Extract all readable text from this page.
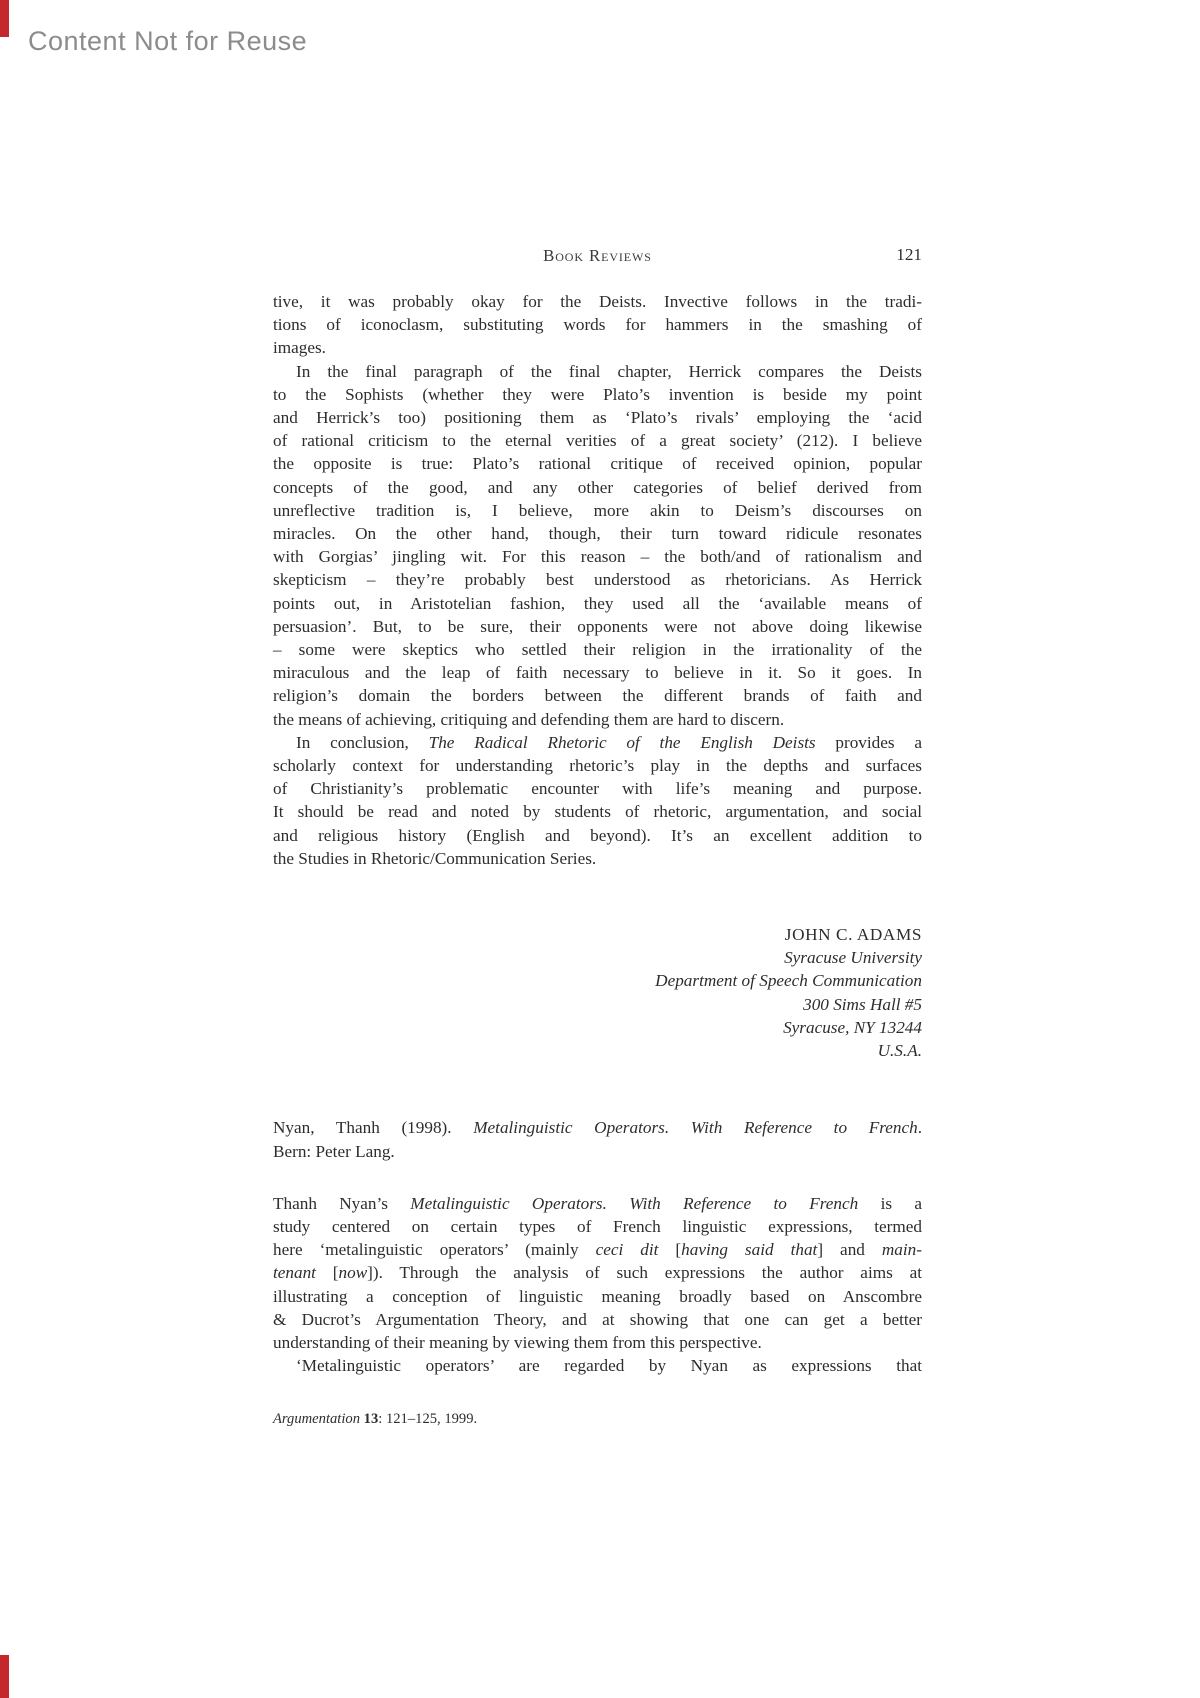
Content Not for Reuse
Book Reviews	121
tive, it was probably okay for the Deists. Invective follows in the tradi-
tions of iconoclasm, substituting words for hammers in the smashing of
images.
In the final paragraph of the final chapter, Herrick compares the Deists
to the Sophists (whether they were Plato’s invention is beside my point
and Herrick’s too) positioning them as ‘Plato’s rivals’ employing the ‘acid
of rational criticism to the eternal verities of a great society’ (212). I believe
the opposite is true: Plato’s rational critique of received opinion, popular
concepts of the good, and any other categories of belief derived from
unreflective tradition is, I believe, more akin to Deism’s discourses on
miracles. On the other hand, though, their turn toward ridicule resonates
with Gorgias’ jingling wit. For this reason – the both/and of rationalism and
skepticism – they’re probably best understood as rhetoricians. As Herrick
points out, in Aristotelian fashion, they used all the ‘available means of
persuasion’. But, to be sure, their opponents were not above doing likewise
– some were skeptics who settled their religion in the irrationality of the
miraculous and the leap of faith necessary to believe in it. So it goes. In
religion’s domain the borders between the different brands of faith and
the means of achieving, critiquing and defending them are hard to discern.
In conclusion, The Radical Rhetoric of the English Deists provides a
scholarly context for understanding rhetoric’s play in the depths and surfaces
of Christianity’s problematic encounter with life’s meaning and purpose.
It should be read and noted by students of rhetoric, argumentation, and social
and religious history (English and beyond). It’s an excellent addition to
the Studies in Rhetoric/Communication Series.
JOHN C. ADAMS
Syracuse University
Department of Speech Communication
300 Sims Hall #5
Syracuse, NY 13244
U.S.A.
Nyan, Thanh (1998). Metalinguistic Operators. With Reference to French.
Bern: Peter Lang.
Thanh Nyan’s Metalinguistic Operators. With Reference to French is a
study centered on certain types of French linguistic expressions, termed
here ‘metalinguistic operators’ (mainly ceci dit [having said that] and main-
tenant [now]). Through the analysis of such expressions the author aims at
illustrating a conception of linguistic meaning broadly based on Anscombre
& Ducrot’s Argumentation Theory, and at showing that one can get a better
understanding of their meaning by viewing them from this perspective.
‘Metalinguistic operators’ are regarded by Nyan as expressions that
Argumentation 13: 121–125, 1999.
